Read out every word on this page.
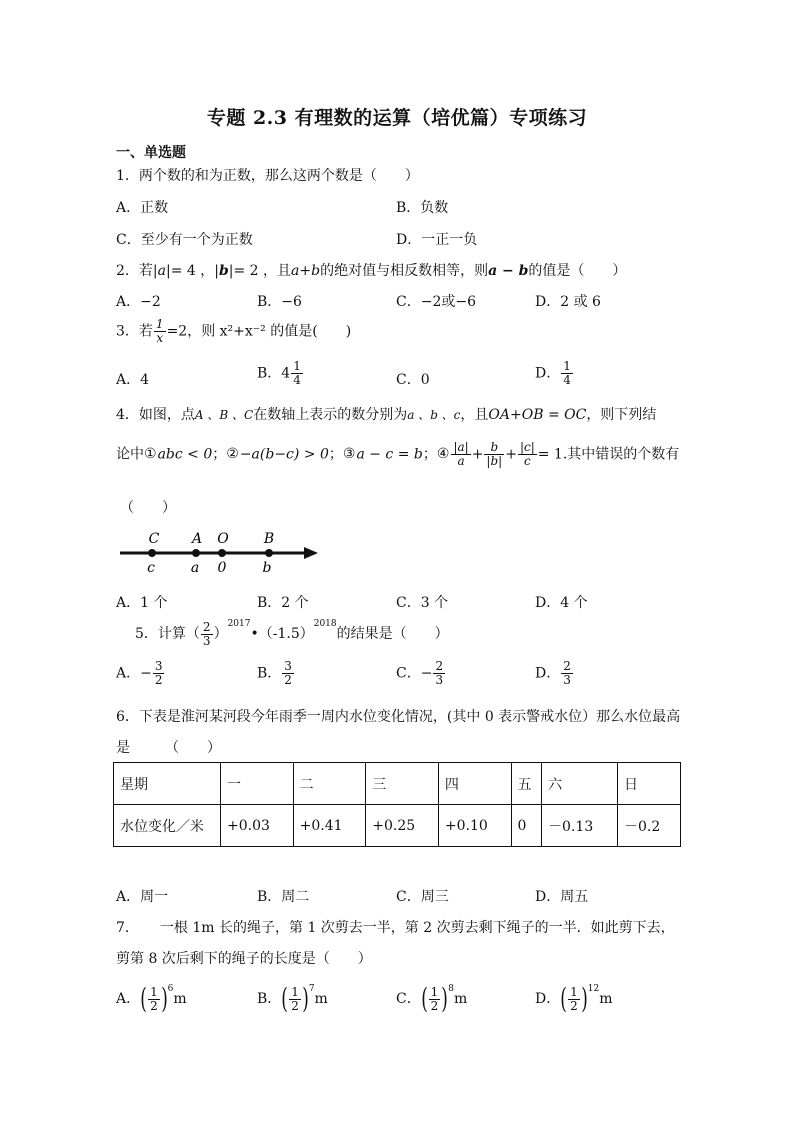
专题 2.3 有理数的运算（培优篇）专项练习
一、单选题
1．两个数的和为正数，那么这两个数是（　　）
A．正数	B．负数
C．至少有一个为正数	D．一正一负
2．若|a|= 4 ，|b|= 2 ，且a+b的绝对值与相反数相等，则a − b的值是（　　）
A．−2	B．−6	C．−2或−6	D．2 或 6
3．若 $\frac{1}{x} =2$，则 x²+x⁻² 的值是(　　)
A．4	B．$4 \frac{1}{4}$	C．0	D． $\frac{1}{4}$
4．如图，点A 、B 、C在数轴上表示的数分别为a 、b 、c，且OA+OB = OC，则下列结
论中①abc < 0；②−a(b−c) > 0；③a − c = b；④ $\frac{|a|}{a} + \frac{b}{|b|} + \frac{|c|}{c} = 1$.其中错误的个数有
（　　）
C A O	B
c	a 0	b
A．1 个	B．2 个	C．3 个	D．4 个
5．计算（ $\frac{2}{3}$ ）$^{2017}•(-1.5)^{2018}$的结果是（　　）
A．− $\frac{3}{2}$	B． $\frac{3}{2}$	C．− $\frac{2}{3}$	D． $\frac{2}{3}$
6．下表是淮河某河段今年雨季一周内水位变化情况，(其中 0 表示警戒水位）那么水位最高
是　　　（　　）
星期	一	二	三	四	五	六	日
水位变化／米	+0.03	+0.41	+0.25	+0.10	0	－0.13	－0.2
A．周一	B．周二	C．周三	D．周五
7．　　一根 1m 长的绳子，第 1 次剪去一半，第 2 次剪去剩下绳子的一半．如此剪下去，
剪第 8 次后剩下的绳子的长度是（　　）
A．( $\frac{1}{2} )^6m$	B．( $\frac{1}{2} )^7m$	C．( $\frac{1}{2} )^8m$	D．( $\frac{1}{2} )^{12}m$
